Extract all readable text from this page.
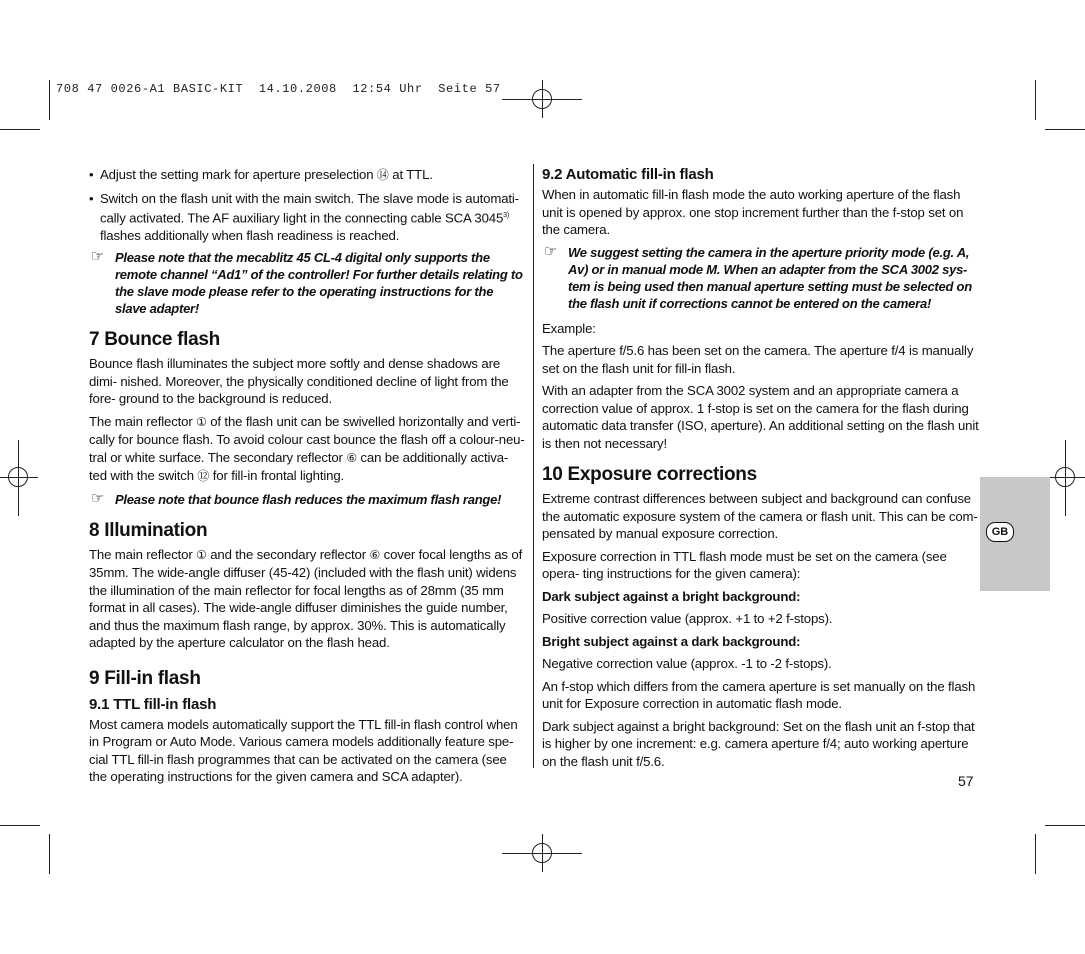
708 47 0026-A1 BASIC-KIT  14.10.2008  12:54 Uhr  Seite 57
• Adjust the setting mark for aperture preselection ⑭ at TTL.
• Switch on the flash unit with the main switch. The slave mode is automati- cally activated. The AF auxiliary light in the connecting cable SCA 3045$^{3)}$ flashes additionally when flash readiness is reached.
☞ Please note that the mecablitz 45 CL-4 digital only supports the remote channel “Ad1” of the controller! For further details relating to the slave mode please refer to the operating instructions for the slave adapter!
7 Bounce flash

Bounce flash illuminates the subject more softly and dense shadows are dimi- nished. Moreover, the physically conditioned decline of light from the fore- ground to the background is reduced.

The main reflector ① of the flash unit can be swivelled horizontally and verti- cally for bounce flash. To avoid colour cast bounce the flash off a colour-neu- tral or white surface. The secondary reflector ⑥ can be additionally activa- ted with the switch ⑫ for fill-in frontal lighting.

☞ Please note that bounce flash reduces the maximum flash range!
8 Illumination

The main reflector ① and the secondary reflector ⑥ cover focal lengths as of 35mm. The wide-angle diffuser (45-42) (included with the flash unit) widens the illumination of the main reflector for focal lengths as of 28mm (35 mm format in all cases). The wide-angle diffuser diminishes the guide number, and thus the maximum flash range, by approx. 30%. This is automatically adapted by the aperture calculator on the flash head.

9 Fill-in flash
9.1 TTL fill-in flash

Most camera models automatically support the TTL fill-in flash control when in Program or Auto Mode. Various camera models additionally feature spe- cial TTL fill-in flash programmes that can be activated on the camera (see the operating instructions for the given camera and SCA adapter).

9.2 Automatic fill-in flash

When in automatic fill-in flash mode the auto working aperture of the flash unit is opened by approx. one stop increment further than the f-stop set on the camera.

☞ We suggest setting the camera in the aperture priority mode (e.g. A, Av) or in manual mode M. When an adapter from the SCA 3002 sys- tem is being used then manual aperture setting must be selected on the flash unit if corrections cannot be entered on the camera!

Example:

The aperture f/5.6 has been set on the camera. The aperture f/4 is manually set on the flash unit for fill-in flash.

With an adapter from the SCA 3002 system and an appropriate camera a correction value of approx. 1 f-stop is set on the camera for the flash during automatic data transfer (ISO, aperture). An additional setting on the flash unit is then not necessary!

10 Exposure corrections

Extreme contrast differences between subject and background can confuse the automatic exposure system of the camera or flash unit. This can be com- pensated by manual exposure correction.

Exposure correction in TTL flash mode must be set on the camera (see opera- ting instructions for the given camera):

Dark subject against a bright background:

Positive correction value (approx. +1 to +2 f-stops).

Bright subject against a dark background:

Negative correction value (approx. -1 to -2 f-stops).

An f-stop which differs from the camera aperture is set manually on the flash unit for Exposure correction in automatic flash mode.

Dark subject against a bright background: Set on the flash unit an f-stop that is higher by one increment: e.g. camera aperture f/4; auto working aperture on the flash unit f/5.6.

GB
57
